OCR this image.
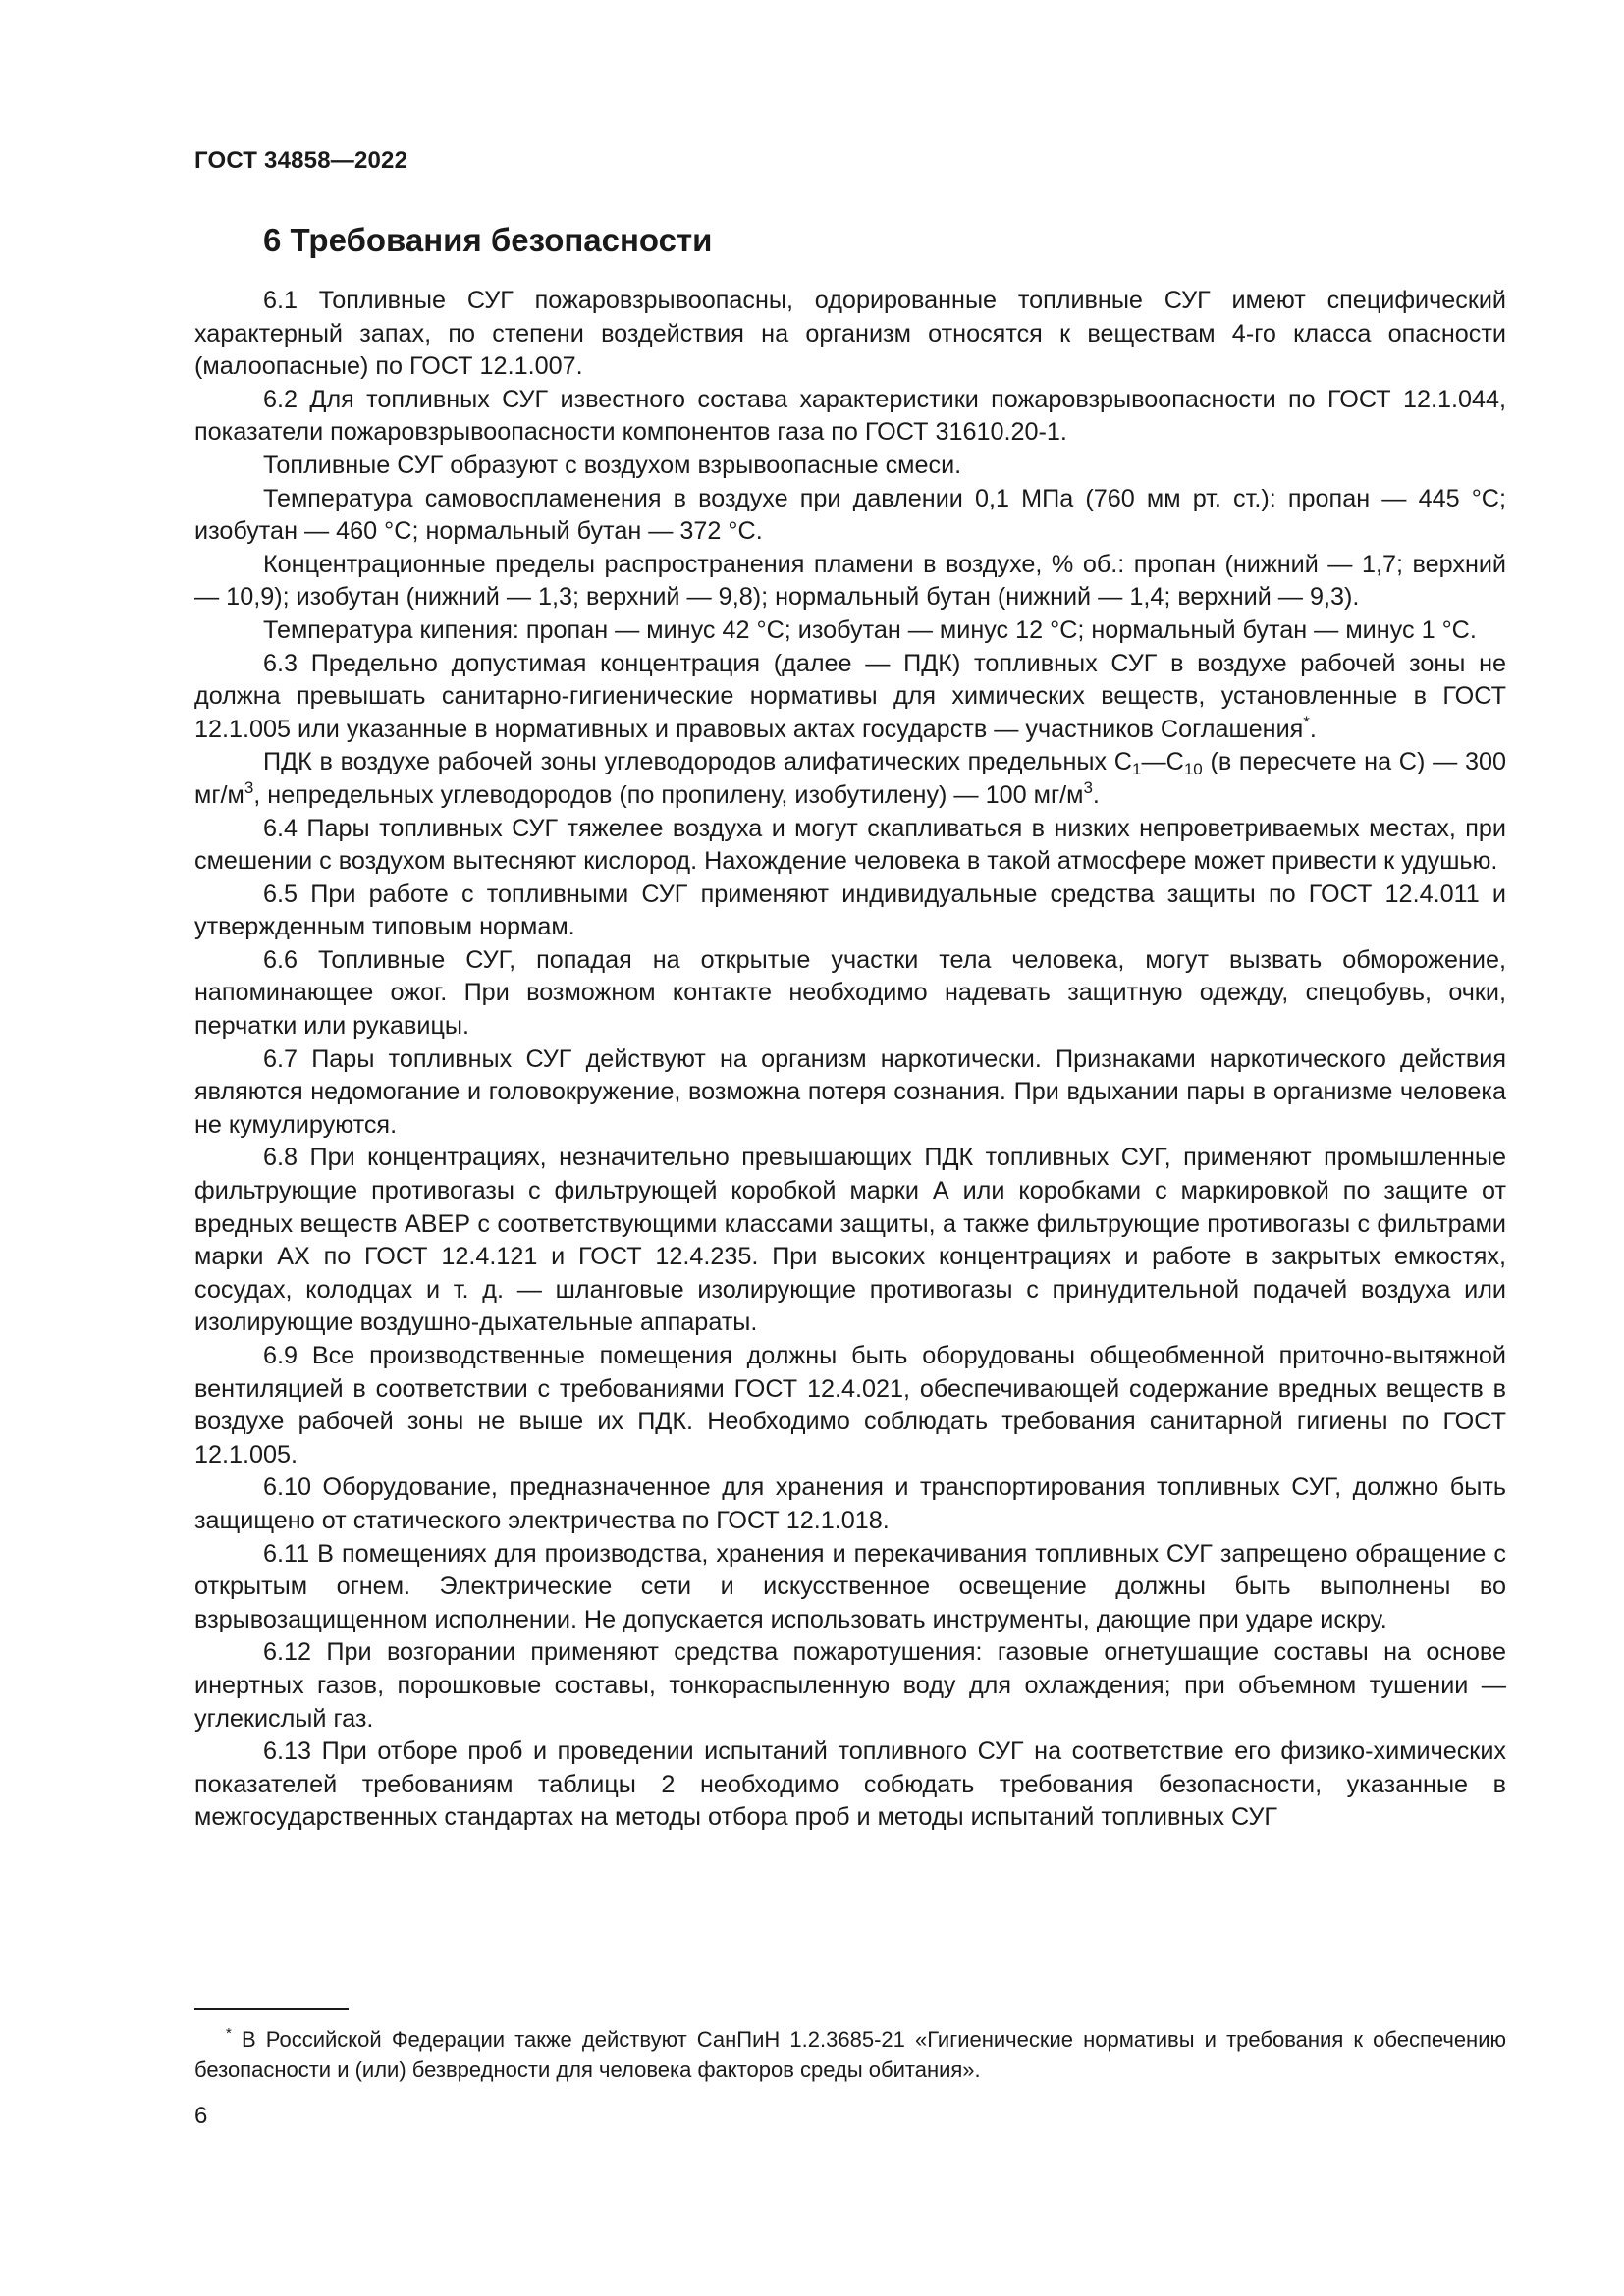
ГОСТ 34858—2022
6 Требования безопасности

6.1 Топливные СУГ пожаровзрывоопасны, одорированные топливные СУГ имеют специфический характерный запах, по степени воздействия на организм относятся к веществам 4-го класса опасности (малоопасные) по ГОСТ 12.1.007.

6.2 Для топливных СУГ известного состава характеристики пожаровзрывоопасности по ГОСТ 12.1.044, показатели пожаровзрывоопасности компонентов газа по ГОСТ 31610.20-1.

Топливные СУГ образуют с воздухом взрывоопасные смеси.

Температура самовоспламенения в воздухе при давлении 0,1 МПа (760 мм рт. ст.): пропан — 445 °С; изобутан — 460 °С; нормальный бутан — 372 °С.

Концентрационные пределы распространения пламени в воздухе, % об.: пропан (нижний — 1,7; верхний — 10,9); изобутан (нижний — 1,3; верхний — 9,8); нормальный бутан (нижний — 1,4; верхний — 9,3).

Температура кипения: пропан — минус 42 °С; изобутан — минус 12 °С; нормальный бутан — минус 1 °С.

6.3 Предельно допустимая концентрация (далее — ПДК) топливных СУГ в воздухе рабочей зоны не должна превышать санитарно-гигиенические нормативы для химических веществ, установленные в ГОСТ 12.1.005 или указанные в нормативных и правовых актах государств — участников Соглашения*.

ПДК в воздухе рабочей зоны углеводородов алифатических предельных $С_1—С_{10}$ (в пересчете на С) — 300 $мг/м^3$, непредельных углеводородов (по пропилену, изобутилену) — 100 $мг/м^3$.

6.4 Пары топливных СУГ тяжелее воздуха и могут скапливаться в низких непроветриваемых местах, при смешении с воздухом вытесняют кислород. Нахождение человека в такой атмосфере может привести к удушью.

6.5 При работе с топливными СУГ применяют индивидуальные средства защиты по ГОСТ 12.4.011 и утвержденным типовым нормам.

6.6 Топливные СУГ, попадая на открытые участки тела человека, могут вызвать обморожение, напоминающее ожог. При возможном контакте необходимо надевать защитную одежду, спецобувь, очки, перчатки или рукавицы.

6.7 Пары топливных СУГ действуют на организм наркотически. Признаками наркотического действия являются недомогание и головокружение, возможна потеря сознания. При вдыхании пары в организме человека не кумулируются.

6.8 При концентрациях, незначительно превышающих ПДК топливных СУГ, применяют промышленные фильтрующие противогазы с фильтрующей коробкой марки А или коробками с маркировкой по защите от вредных веществ АВЕР с соответствующими классами защиты, а также фильтрующие противогазы с фильтрами марки АХ по ГОСТ 12.4.121 и ГОСТ 12.4.235. При высоких концентрациях и работе в закрытых емкостях, сосудах, колодцах и т. д. — шланговые изолирующие противогазы с принудительной подачей воздуха или изолирующие воздушно-дыхательные аппараты.

6.9 Все производственные помещения должны быть оборудованы общеобменной приточно-вытяжной вентиляцией в соответствии с требованиями ГОСТ 12.4.021, обеспечивающей содержание вредных веществ в воздухе рабочей зоны не выше их ПДК. Необходимо соблюдать требования санитарной гигиены по ГОСТ 12.1.005.

6.10 Оборудование, предназначенное для хранения и транспортирования топливных СУГ, должно быть защищено от статического электричества по ГОСТ 12.1.018.

6.11 В помещениях для производства, хранения и перекачивания топливных СУГ запрещено обращение с открытым огнем. Электрические сети и искусственное освещение должны быть выполнены во взрывозащищенном исполнении. Не допускается использовать инструменты, дающие при ударе искру.

6.12 При возгорании применяют средства пожаротушения: газовые огнетушащие составы на основе инертных газов, порошковые составы, тонкораспыленную воду для охлаждения; при объемном тушении — углекислый газ.

6.13 При отборе проб и проведении испытаний топливного СУГ на соответствие его физико-химических показателей требованиям таблицы 2 необходимо собюдать требования безопасности, указанные в межгосударственных стандартах на методы отбора проб и методы испытаний топливных СУГ

* В Российской Федерации также действуют СанПиН 1.2.3685-21 «Гигиенические нормативы и требования к обеспечению безопасности и (или) безвредности для человека факторов среды обитания».

6
